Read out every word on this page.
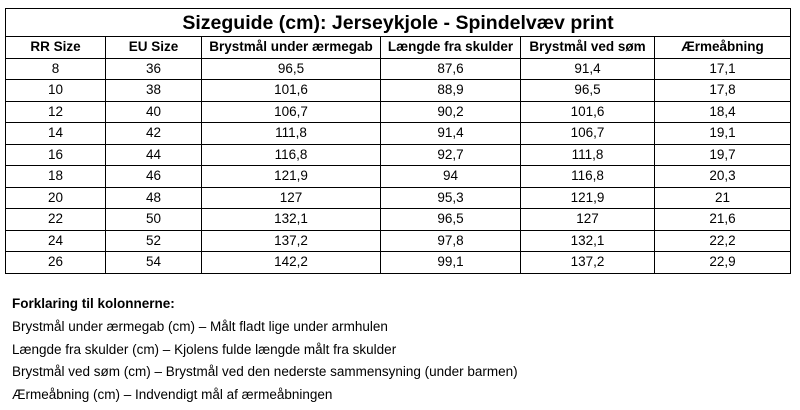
Sizeguide (cm): Jerseykjole - Spindelvæv print					
RR Size	EU Size	Brystmål under ærmegab	Længde fra skulder	Brystmål ved søm	Ærmeåbning
8	36	96,5	87,6	91,4	17,1
10	38	101,6	88,9	96,5	17,8
12	40	106,7	90,2	101,6	18,4
14	42	111,8	91,4	106,7	19,1
16	44	116,8	92,7	111,8	19,7
18	46	121,9	94	116,8	20,3
20	48	127	95,3	121,9	21
22	50	132,1	96,5	127	21,6
24	52	137,2	97,8	132,1	22,2
26	54	142,2	99,1	137,2	22,9
Forklaring til kolonnerne:
Brystmål under ærmegab (cm) – Målt fladt lige under armhulen
Længde fra skulder (cm) – Kjolens fulde længde målt fra skulder
Brystmål ved søm (cm) – Brystmål ved den nederste sammensyning (under barmen)
Ærmeåbning (cm) – Indvendigt mål af ærmeåbningen
